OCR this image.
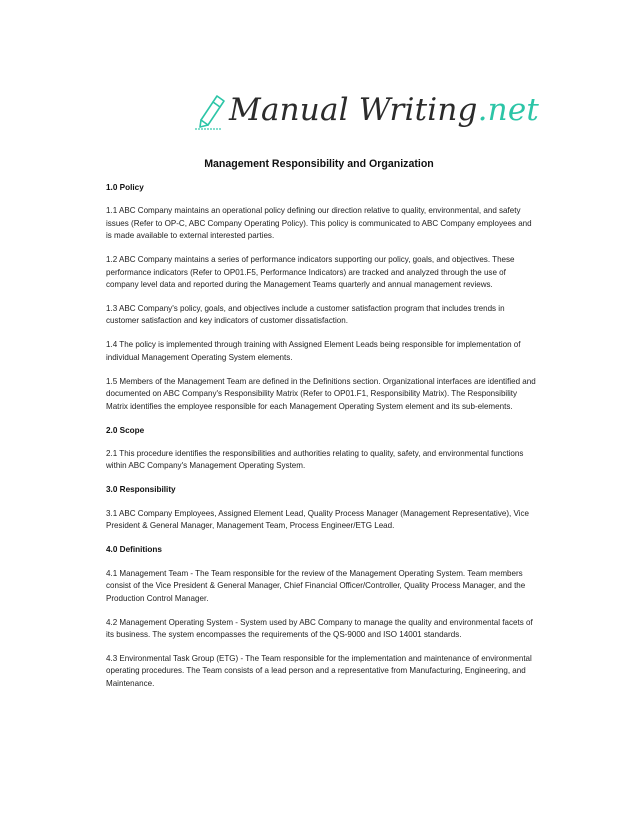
Manual Writing.net
Management Responsibility and Organization
1.0 Policy

1.1 ABC Company maintains an operational policy defining our direction relative to quality, environmental, and safety issues (Refer to OP-C, ABC Company Operating Policy). This policy is communicated to ABC Company employees and is made available to external interested parties.

1.2 ABC Company maintains a series of performance indicators supporting our policy, goals, and objectives. These performance indicators (Refer to OP01.F5, Performance Indicators) are tracked and analyzed through the use of company level data and reported during the Management Teams quarterly and annual management reviews.

1.3 ABC Company's policy, goals, and objectives include a customer satisfaction program that includes trends in customer satisfaction and key indicators of customer dissatisfaction.

1.4 The policy is implemented through training with Assigned Element Leads being responsible for implementation of individual Management Operating System elements.

1.5 Members of the Management Team are defined in the Definitions section. Organizational interfaces are identified and documented on ABC Company's Responsibility Matrix (Refer to OP01.F1, Responsibility Matrix). The Responsibility Matrix identifies the employee responsible for each Management Operating System element and its sub-elements.

2.0 Scope

2.1 This procedure identifies the responsibilities and authorities relating to quality, safety, and environmental functions within ABC Company's Management Operating System.

3.0 Responsibility

3.1 ABC Company Employees, Assigned Element Lead, Quality Process Manager (Management Representative), Vice President & General Manager, Management Team, Process Engineer/ETG Lead.

4.0 Definitions

4.1 Management Team - The Team responsible for the review of the Management Operating System. Team members consist of the Vice President & General Manager, Chief Financial Officer/Controller, Quality Process Manager, and the Production Control Manager.

4.2 Management Operating System - System used by ABC Company to manage the quality and environmental facets of its business. The system encompasses the requirements of the QS-9000 and ISO 14001 standards.

4.3 Environmental Task Group (ETG) - The Team responsible for the implementation and maintenance of environmental operating procedures. The Team consists of a lead person and a representative from Manufacturing, Engineering, and Maintenance.
